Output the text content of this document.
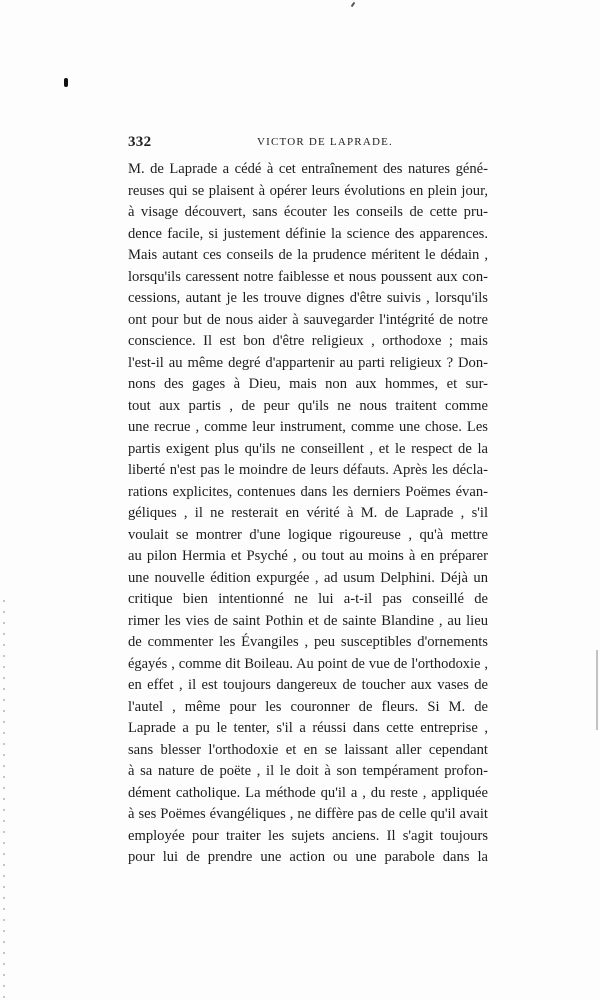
332	VICTOR DE LAPRADE.
M. de Laprade a cédé à cet entraînement des natures géné-
reuses qui se plaisent à opérer leurs évolutions en plein jour,
à visage découvert, sans écouter les conseils de cette pru-
dence facile, si justement définie la science des apparences.
Mais autant ces conseils de la prudence méritent le dédain ,
lorsqu'ils caressent notre faiblesse et nous poussent aux con-
cessions, autant je les trouve dignes d'être suivis , lorsqu'ils
ont pour but de nous aider à sauvegarder l'intégrité de notre
conscience. Il est bon d'être religieux , orthodoxe ; mais
l'est-il au même degré d'appartenir au parti religieux ? Don-
nons des gages à Dieu, mais non aux hommes, et sur-
tout aux partis , de peur qu'ils ne nous traitent comme
une recrue , comme leur instrument, comme une chose. Les
partis exigent plus qu'ils ne conseillent , et le respect de la
liberté n'est pas le moindre de leurs défauts. Après les décla-
rations explicites, contenues dans les derniers Poëmes évan-
géliques , il ne resterait en vérité à M. de Laprade , s'il
voulait se montrer d'une logique rigoureuse , qu'à mettre
au pilon Hermia et Psyché , ou tout au moins à en préparer
une nouvelle édition expurgée , ad usum Delphini. Déjà un
critique bien intentionné ne lui a-t-il pas conseillé de
rimer les vies de saint Pothin et de sainte Blandine , au lieu
de commenter les Évangiles , peu susceptibles d'ornements
égayés , comme dit Boileau. Au point de vue de l'orthodoxie ,
en effet , il est toujours dangereux de toucher aux vases de
l'autel , même pour les couronner de fleurs. Si M. de
Laprade a pu le tenter, s'il a réussi dans cette entreprise ,
sans blesser l'orthodoxie et en se laissant aller cependant
à sa nature de poëte , il le doit à son tempérament profon-
dément catholique. La méthode qu'il a , du reste , appliquée
à ses Poëmes évangéliques , ne diffère pas de celle qu'il avait
employée pour traiter les sujets anciens. Il s'agit toujours
pour lui de prendre une action ou une parabole dans la
